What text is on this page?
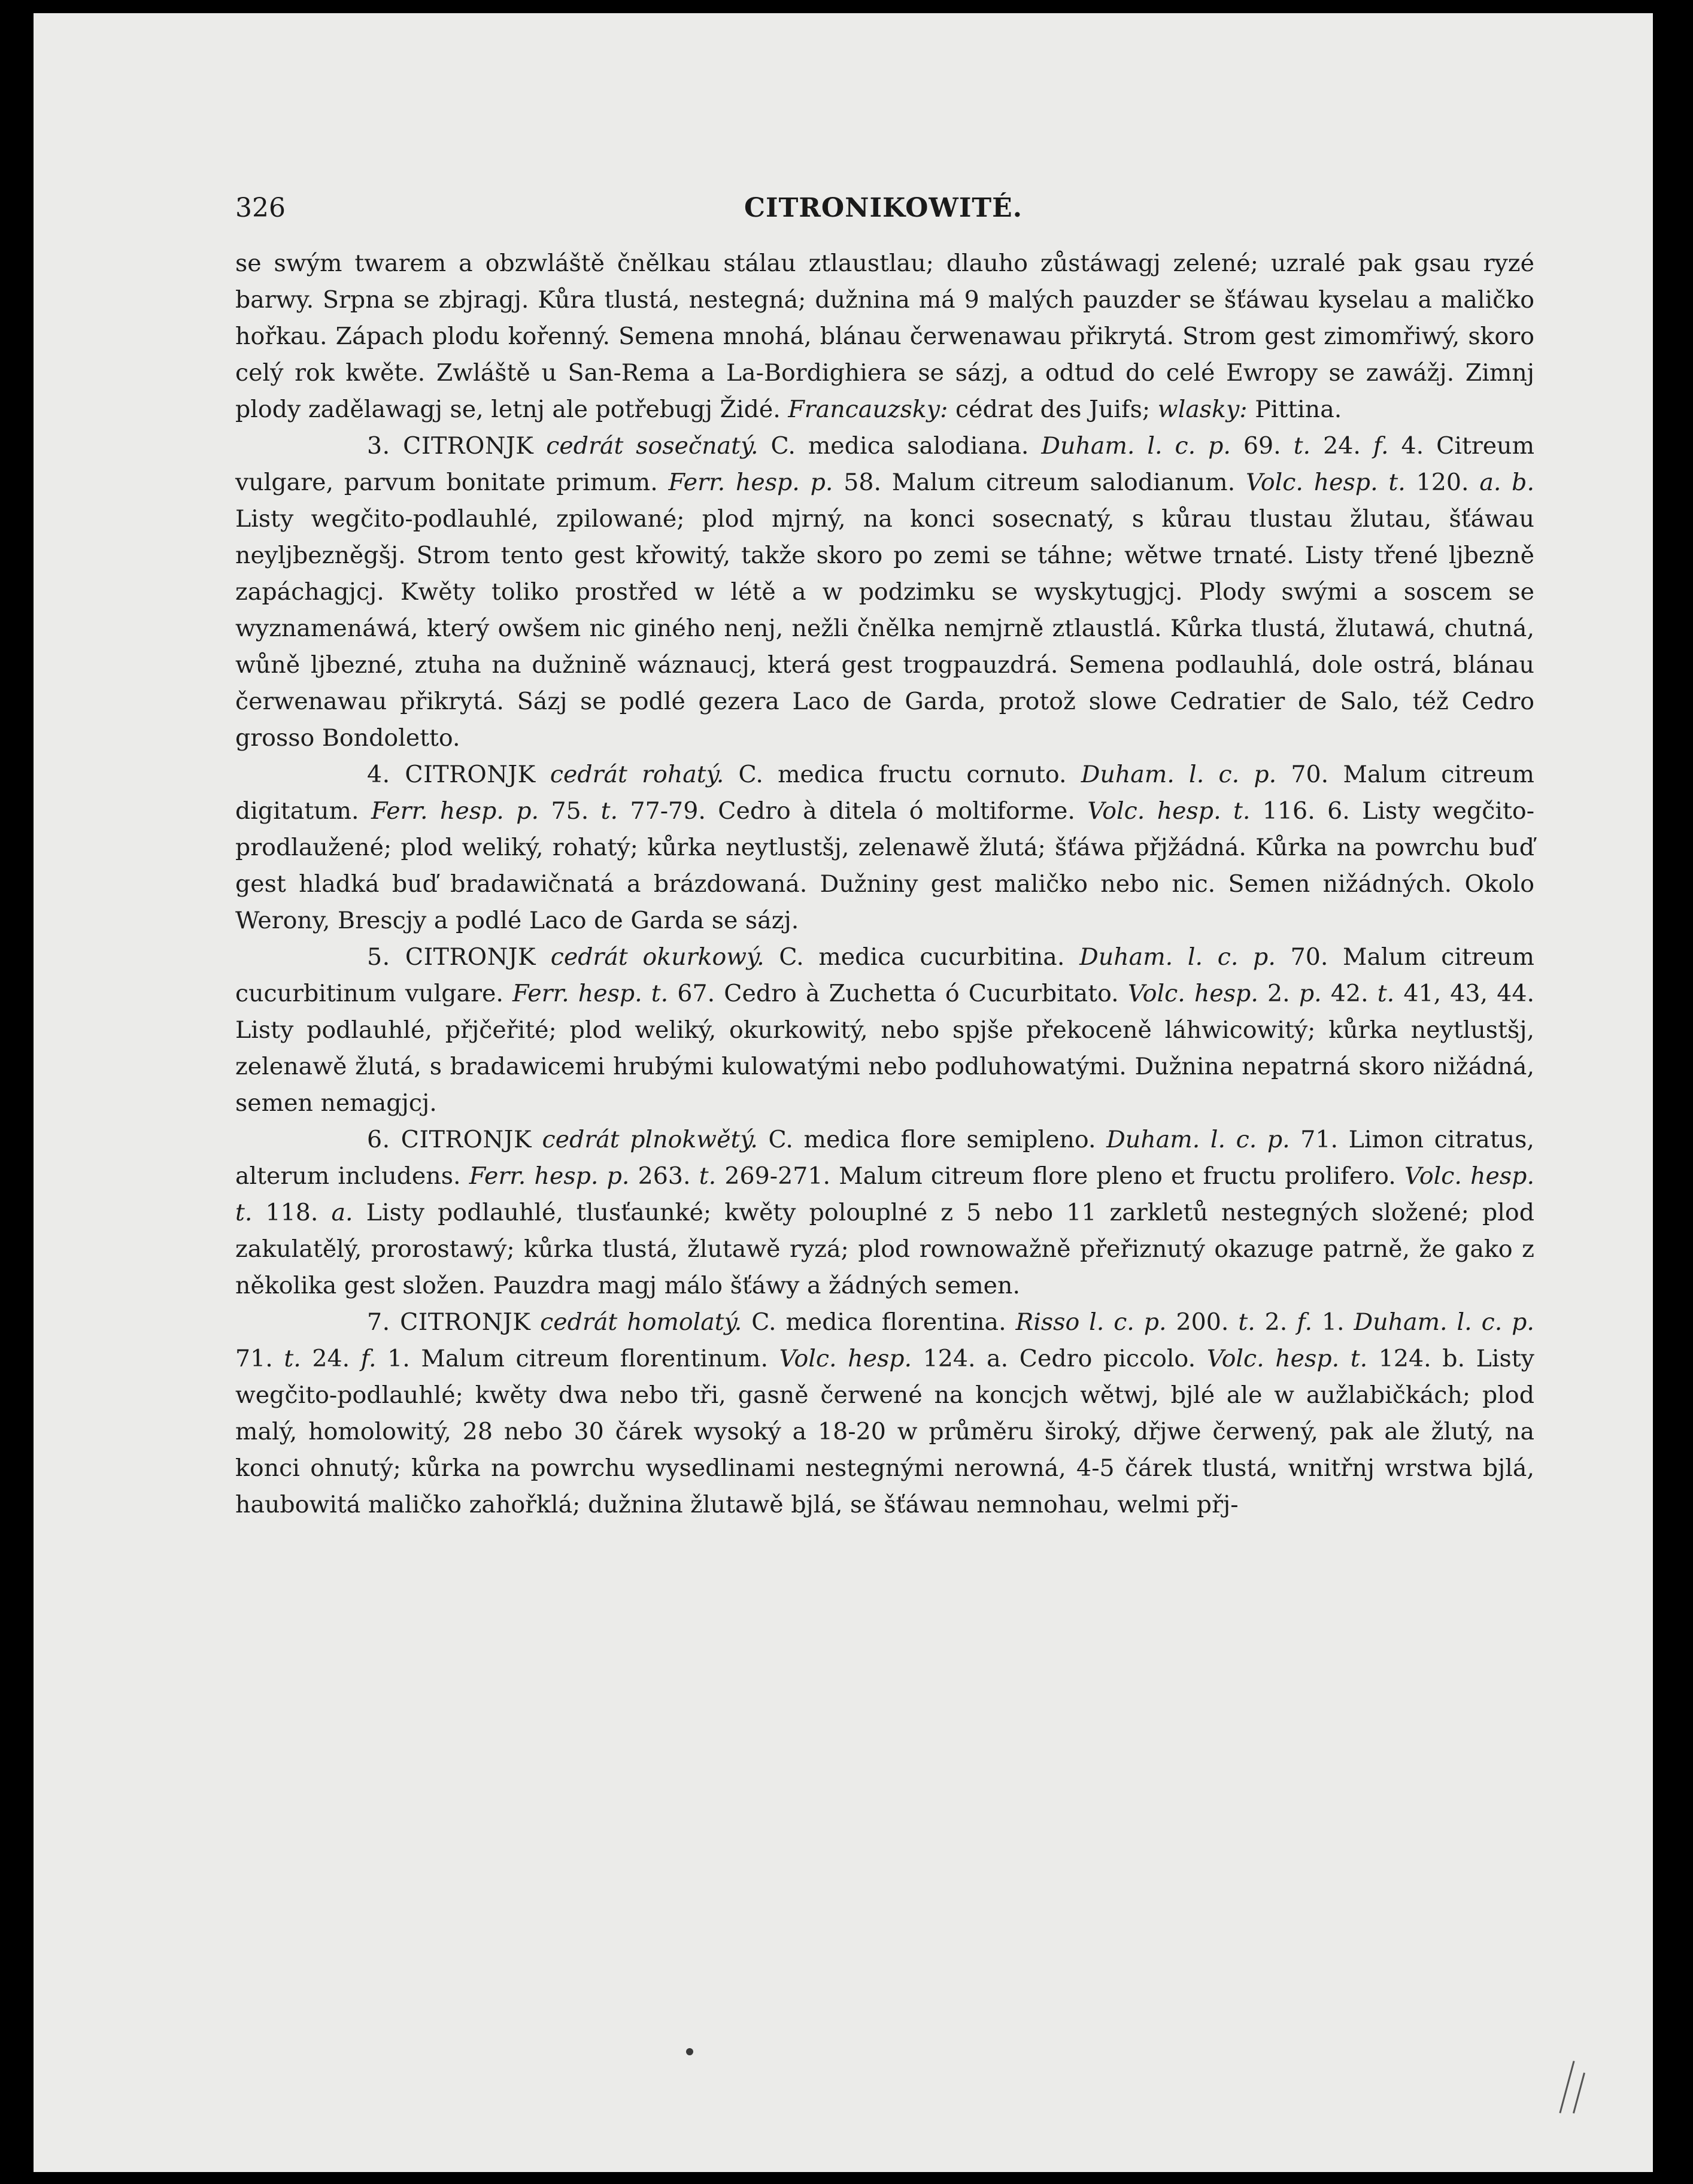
326	CITRONIKOWITÉ.

se swým twarem a obzwláště čnělkau stálau ztlaustlau; dlauho zůstáwagj zelené; uzralé pak gsau ryzé barwy. Srpna se zbjragj. Kůra tlustá, nestegná; dužnina má 9 malých pauzder se šťáwau kyselau a maličko hořkau. Zápach plodu kořenný. Semena mnohá, blánau čerwenawau přikrytá. Strom gest zimomřiwý, skoro celý rok kwěte. Zwláště u San-Rema a La-Bordighiera se sázj, a odtud do celé Ewropy se zawážj. Zimnj plody zadělawagj se, letnj ale potřebugj Židé. Francauzsky: cédrat des Juifs; wlasky: Pittina.

3. CITRONJK cedrát sosečnatý. C. medica salodiana. Duham. l. c. p. 69. t. 24. f. 4. Citreum vulgare, parvum bonitate primum. Ferr. hesp. p. 58. Malum citreum salodianum. Volc. hesp. t. 120. a. b. Listy wegčito-podlauhlé, zpilowané; plod mjrný, na konci sosecnatý, s kůrau tlustau žlutau, šťáwau neyljbezněgšj. Strom tento gest křowitý, takže skoro po zemi se táhne; wětwe trnaté. Listy třené ljbezně zapáchagjcj. Kwěty toliko prostřed w létě a w podzimku se wyskytugjcj. Plody swými a soscem se wyznamenáwá, který owšem nic giného nenj, nežli čnělka nemjrně ztlaustlá. Kůrka tlustá, žlutawá, chutná, wůně ljbezné, ztuha na dužnině wáznaucj, která gest trogpauzdrá. Semena podlauhlá, dole ostrá, blánau čerwenawau přikrytá. Sázj se podlé gezera Laco de Garda, protož slowe Cedratier de Salo, též Cedro grosso Bondoletto.

4. CITRONJK cedrát rohatý. C. medica fructu cornuto. Duham. l. c. p. 70. Malum citreum digitatum. Ferr. hesp. p. 75. t. 77-79. Cedro à ditela ó moltiforme. Volc. hesp. t. 116. 6. Listy wegčito-prodlaužené; plod weliký, rohatý; kůrka neytlustšj, zelenawě žlutá; šťáwa přjžádná. Kůrka na powrchu buď gest hladká buď bradawičnatá a brázdowaná. Dužniny gest maličko nebo nic. Semen nižádných. Okolo Werony, Brescjy a podlé Laco de Garda se sázj.

5. CITRONJK cedrát okurkowý. C. medica cucurbitina. Duham. l. c. p. 70. Malum citreum cucurbitinum vulgare. Ferr. hesp. t. 67. Cedro à Zuchetta ó Cucurbitato. Volc. hesp. 2. p. 42. t. 41, 43, 44. Listy podlauhlé, přjčeřité; plod weliký, okurkowitý, nebo spjše překoceně láhwicowitý; kůrka neytlustšj, zelenawě žlutá, s bradawicemi hrubými kulowatými nebo podluhowatými. Dužnina nepatrná skoro nižádná, semen nemagjcj.

6. CITRONJK cedrát plnokwětý. C. medica flore semipleno. Duham. l. c. p. 71. Limon citratus, alterum includens. Ferr. hesp. p. 263. t. 269-271. Malum citreum flore pleno et fructu prolifero. Volc. hesp. t. 118. a. Listy podlauhlé, tlusťaunké; kwěty polouplné z 5 nebo 11 zarkletů nestegných složené; plod zakulatělý, prorostawý; kůrka tlustá, žlutawě ryzá; plod rownowažně přeřiznutý okazuge patrně, že gako z několika gest složen. Pauzdra magj málo šťáwy a žádných semen.

7. CITRONJK cedrát homolatý. C. medica florentina. Risso l. c. p. 200. t. 2. f. 1. Duham. l. c. p. 71. t. 24. f. 1. Malum citreum florentinum. Volc. hesp. 124. a. Cedro piccolo. Volc. hesp. t. 124. b. Listy wegčito-podlauhlé; kwěty dwa nebo tři, gasně čerwené na koncjch wětwj, bjlé ale w aužlabičkách; plod malý, homolowitý, 28 nebo 30 čárek wysoký a 18-20 w průměru široký, dřjwe čerwený, pak ale žlutý, na konci ohnutý; kůrka na powrchu wysedlinami nestegnými nerowná, 4-5 čárek tlustá, wnitřnj wrstwa bjlá, haubowitá maličko zahořklá; dužnina žlutawě bjlá, se šťáwau nemnohau, welmi přj-
